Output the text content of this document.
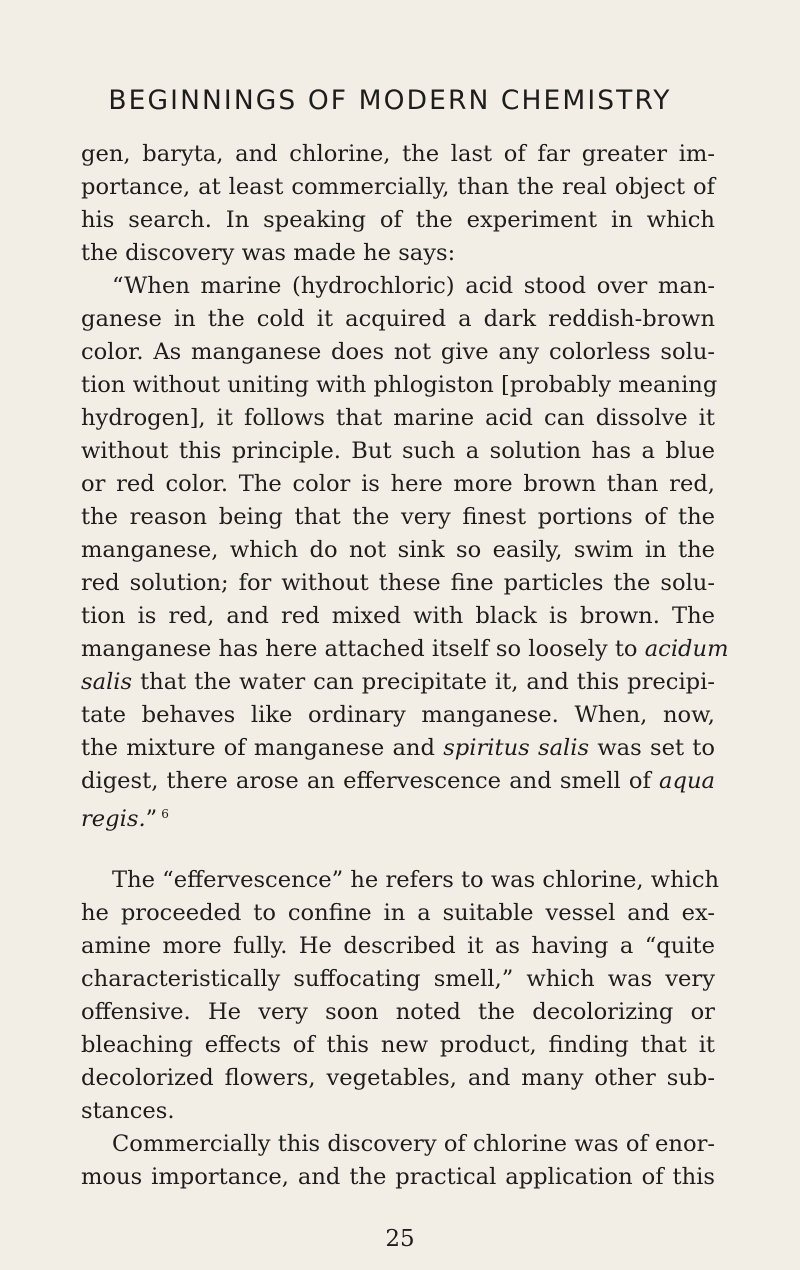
BEGINNINGS OF MODERN CHEMISTRY

gen, baryta, and chlorine, the last of far greater im-

portance, at least commercially, than the real object of

his search. In speaking of the experiment in which

the discovery was made he says:

“When marine (hydrochloric) acid stood over man-

ganese in the cold it acquired a dark reddish-brown

color. As manganese does not give any colorless solu-

tion without uniting with phlogiston [probably meaning

hydrogen], it follows that marine acid can dissolve it

without this principle. But such a solution has a blue

or red color. The color is here more brown than red,

the reason being that the very finest portions of the

manganese, which do not sink so easily, swim in the

red solution; for without these fine particles the solu-

tion is red, and red mixed with black is brown. The

manganese has here attached itself so loosely to acidum

salis that the water can precipitate it, and this precipi-

tate behaves like ordinary manganese. When, now,

the mixture of manganese and spiritus salis was set to

digest, there arose an effervescence and smell of aqua

regis.” $^6$

The “effervescence” he refers to was chlorine, which

he proceeded to confine in a suitable vessel and ex-

amine more fully. He described it as having a “quite

characteristically suffocating smell,” which was very

offensive. He very soon noted the decolorizing or

bleaching effects of this new product, finding that it

decolorized flowers, vegetables, and many other sub-

stances.

Commercially this discovery of chlorine was of enor-

mous importance, and the practical application of this

25
